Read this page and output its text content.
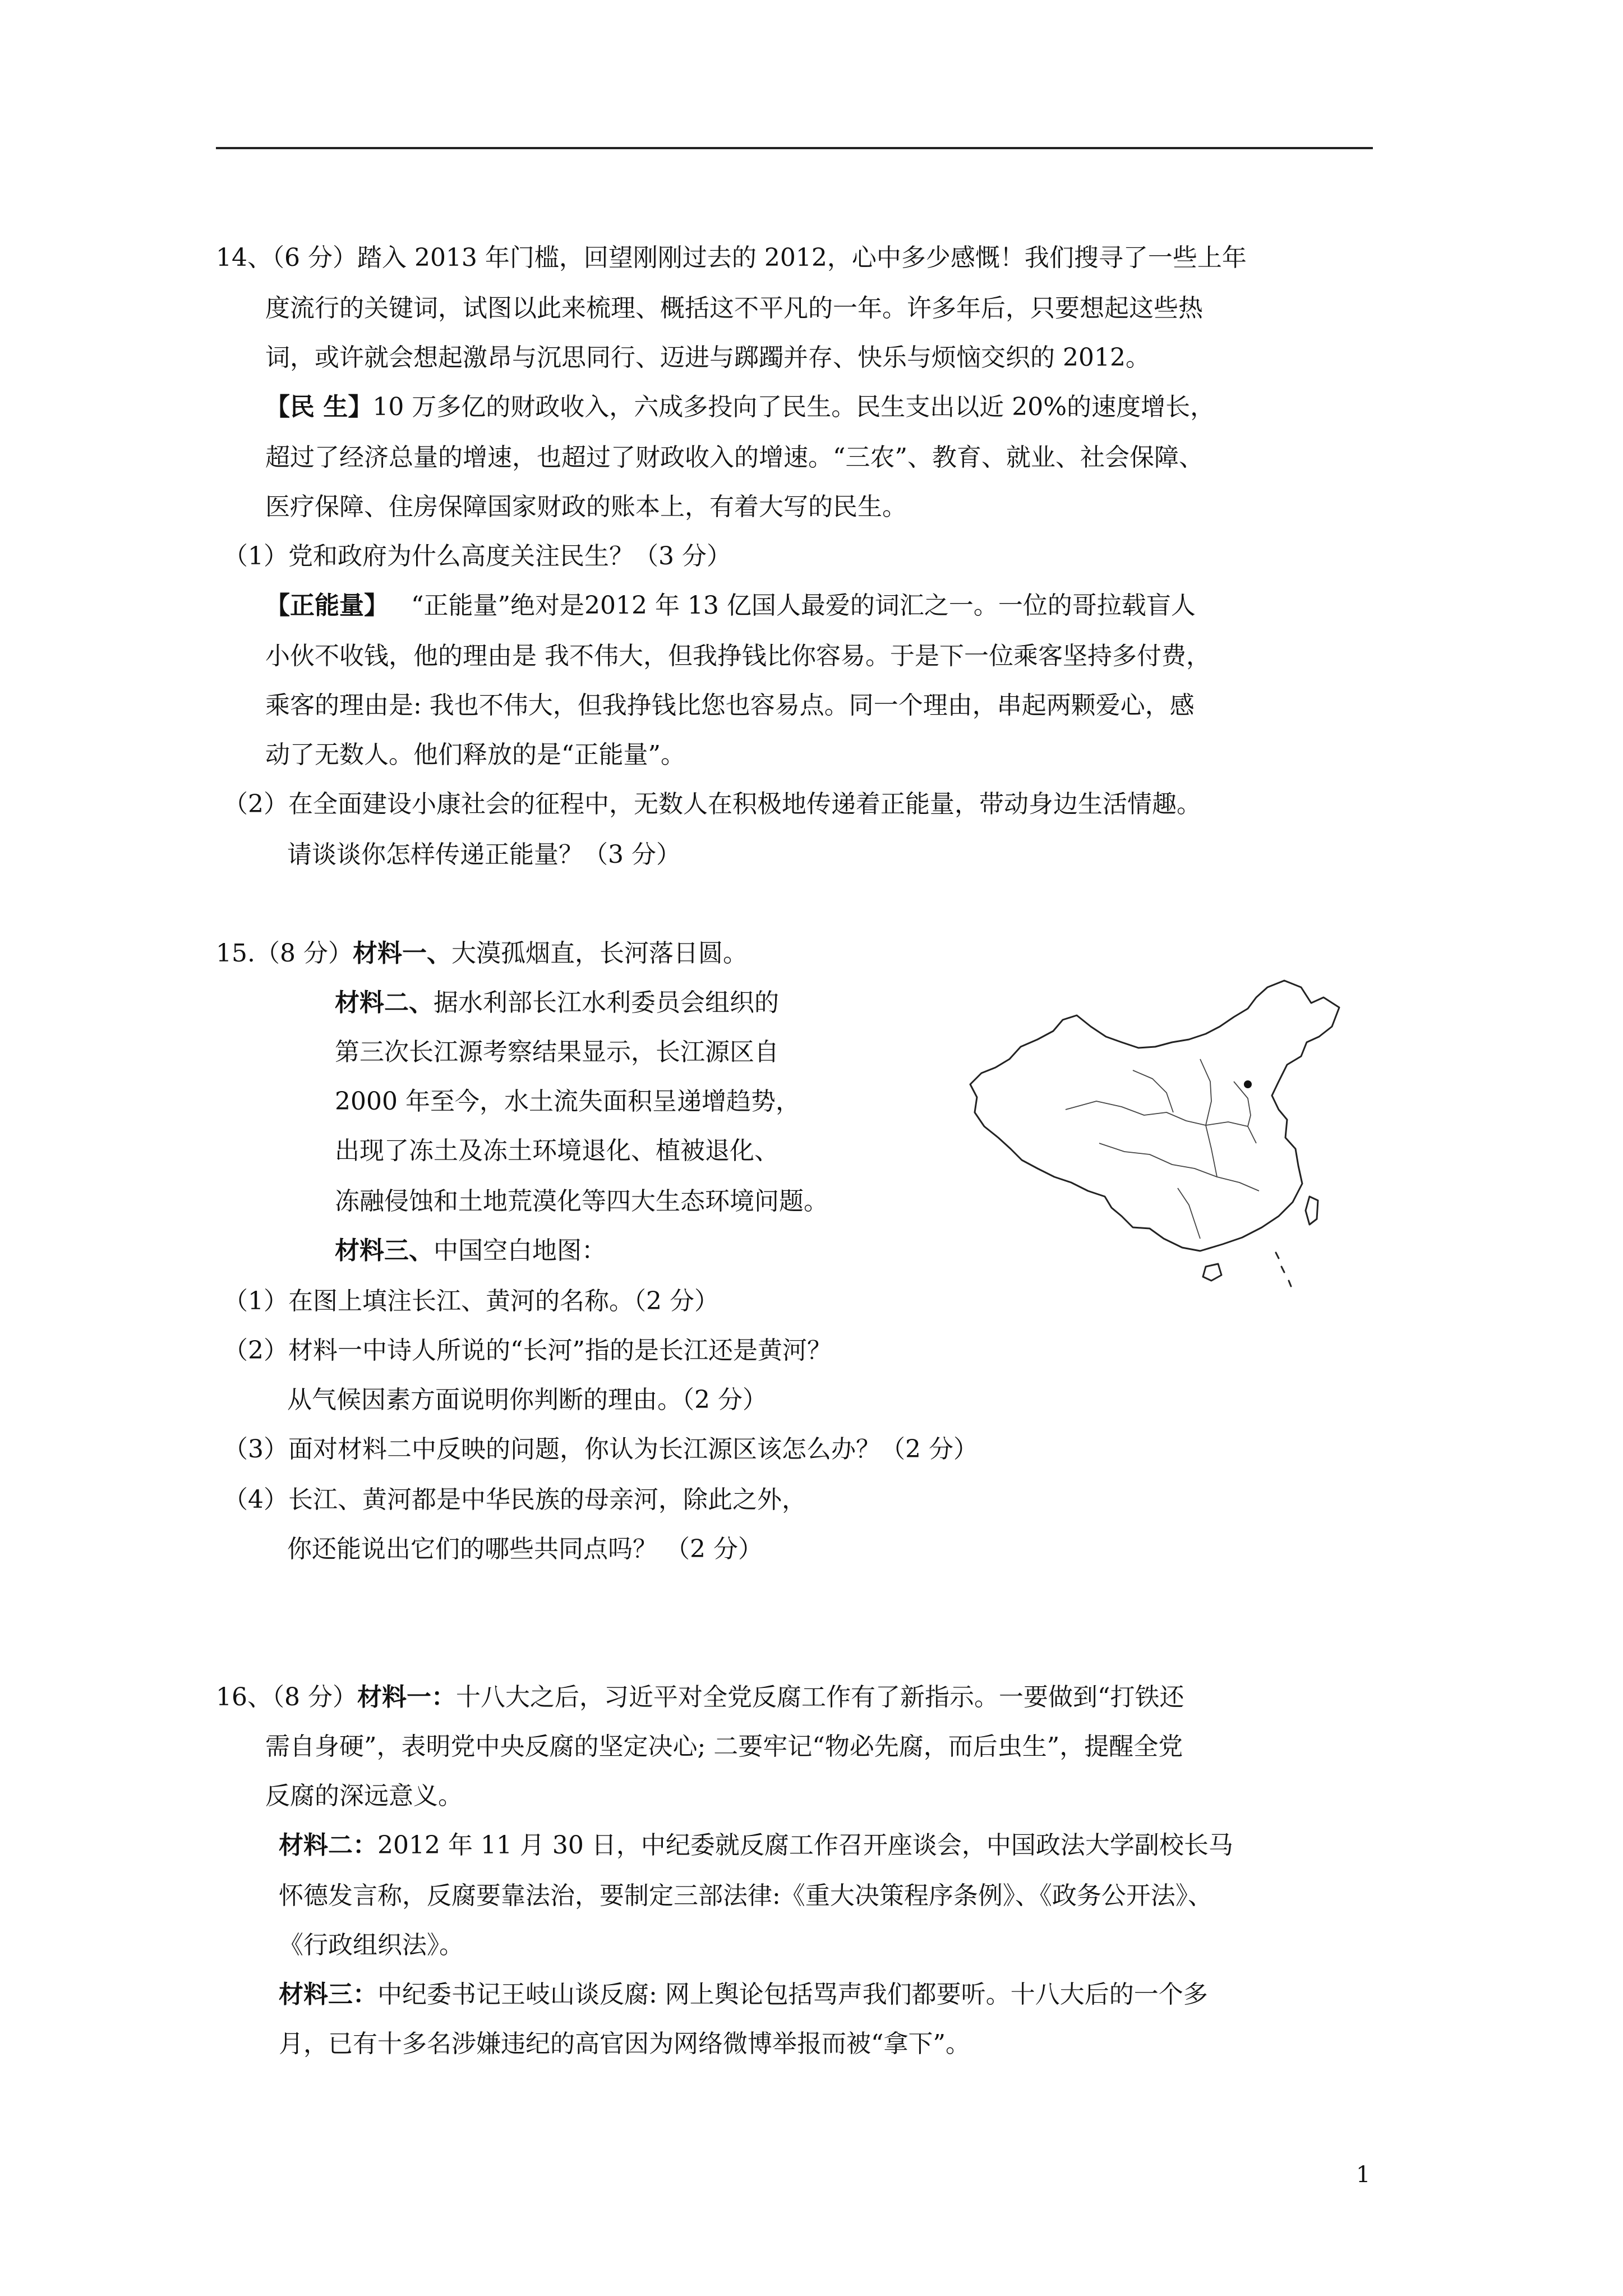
14、（6 分）踏入 2013 年门槛，回望刚刚过去的 2012，心中多少感慨！我们搜寻了一些上年
度流行的关键词，试图以此来梳理、概括这不平凡的一年。许多年后，只要想起这些热
词，或许就会想起激昂与沉思同行、迈进与踯躅并存、快乐与烦恼交织的 2012。
【民 生】10 万多亿的财政收入，六成多投向了民生。民生支出以近 20%的速度增长，
超过了经济总量的增速，也超过了财政收入的增速。“三农”、教育、就业、社会保障、
医疗保障、住房保障国家财政的账本上，有着大写的民生。
（1）党和政府为什么高度关注民生？（3 分）
【正能量】 “正能量”绝对是2012 年 13 亿国人最爱的词汇之一。一位的哥拉载盲人
小伙不收钱，他的理由是 我不伟大，但我挣钱比你容易。于是下一位乘客坚持多付费，
乘客的理由是: 我也不伟大，但我挣钱比您也容易点。同一个理由，串起两颗爱心，感
动了无数人。他们释放的是“正能量”。
（2）在全面建设小康社会的征程中，无数人在积极地传递着正能量，带动身边生活情趣。
请谈谈你怎样传递正能量？（3 分）
15.（8 分）材料一、大漠孤烟直，长河落日圆。
材料二、据水利部长江水利委员会组织的
第三次长江源考察结果显示，长江源区自
2000 年至今，水土流失面积呈递增趋势，
出现了冻土及冻土环境退化、植被退化、
冻融侵蚀和土地荒漠化等四大生态环境问题。
材料三、中国空白地图：
（1）在图上填注长江、黄河的名称。（2 分）
（2）材料一中诗人所说的“长河”指的是长江还是黄河？
从气候因素方面说明你判断的理由。（2 分）
（3）面对材料二中反映的问题，你认为长江源区该怎么办？（2 分）
（4）长江、黄河都是中华民族的母亲河，除此之外，
你还能说出它们的哪些共同点吗？ （2 分）
16、（8 分）材料一：十八大之后，习近平对全党反腐工作有了新指示。一要做到“打铁还
需自身硬”，表明党中央反腐的坚定决心; 二要牢记“物必先腐，而后虫生”，提醒全党
反腐的深远意义。
材料二：2012 年 11 月 30 日，中纪委就反腐工作召开座谈会，中国政法大学副校长马
怀德发言称，反腐要靠法治，要制定三部法律:《重大决策程序条例》、《政务公开法》、
《行政组织法》。
材料三：中纪委书记王岐山谈反腐: 网上舆论包括骂声我们都要听。十八大后的一个多
月，已有十多名涉嫌违纪的高官因为网络微博举报而被“拿下”。
1
